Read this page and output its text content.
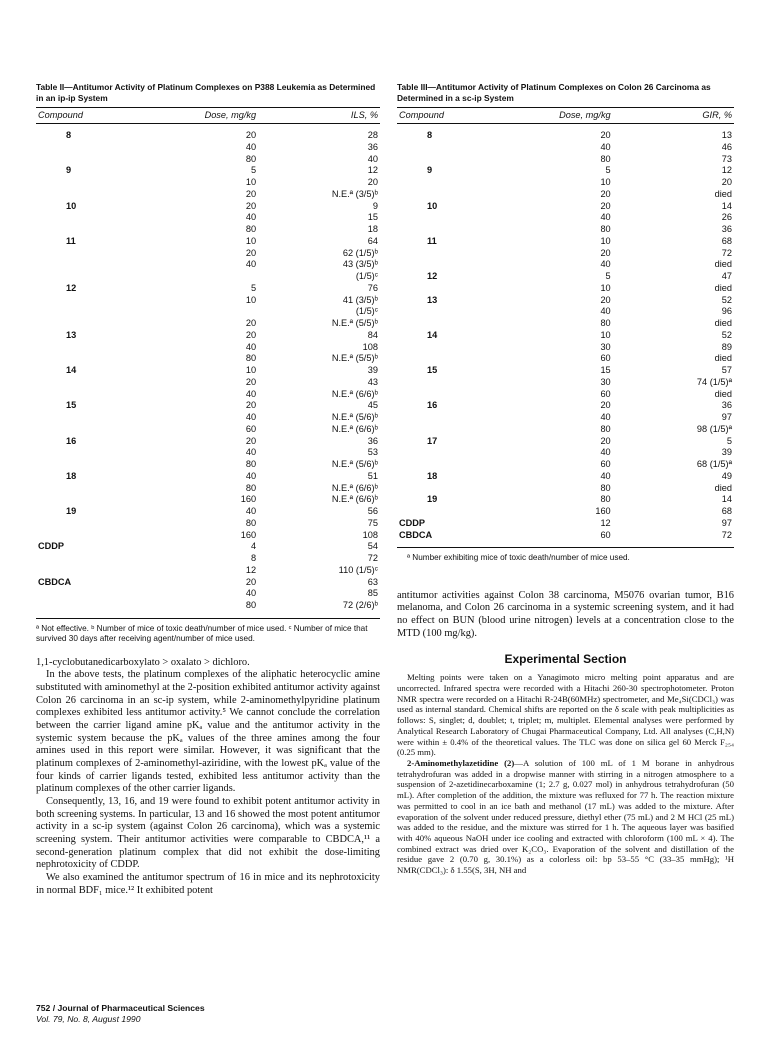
Table II—Antitumor Activity of Platinum Complexes on P388 Leukemia as Determined in an ip-ip System
Compound	Dose, mg/kg	ILS, %
8	20	28
	40	36
	80	40
9	5	12
	10	20
	20	N.E.ª (3/5)ᵇ
10	20	9
	40	15
	80	18
11	10	64
	20	62 (1/5)ᵇ
	40	43 (3/5)ᵇ
		(1/5)ᶜ
12	5	76
	10	41 (3/5)ᵇ
		(1/5)ᶜ
	20	N.E.ª (5/5)ᵇ
13	20	84
	40	108
	80	N.E.ª (5/5)ᵇ
14	10	39
	20	43
	40	N.E.ª (6/6)ᵇ
15	20	45
	40	N.E.ª (5/6)ᵇ
	60	N.E.ª (6/6)ᵇ
16	20	36
	40	53
	80	N.E.ª (5/6)ᵇ
18	40	51
	80	N.E.ª (6/6)ᵇ
	160	N.E.ª (6/6)ᵇ
19	40	56
	80	75
	160	108
CDDP	4	54
	8	72
	12	110 (1/5)ᶜ
CBDCA	20	63
	40	85
	80	72 (2/6)ᵇ
ª Not effective. ᵇ Number of mice of toxic death/number of mice used. ᶜ Number of mice that survived 30 days after receiving agent/number of mice used.

1,1-cyclobutanedicarboxylato > oxalato > dichloro.

In the above tests, the platinum complexes of the aliphatic heterocyclic amine substituted with aminomethyl at the 2-position exhibited antitumor activity against Colon 26 carcinoma in an sc-ip system, while 2-aminomethylpyridine platinum complexes exhibited less antitumor activity.⁵ We cannot conclude the correlation between the carrier ligand amine pKₐ value and the antitumor activity in the systemic system because the pKₐ values of the three amines among the four amines used in this report were similar. However, it was significant that the platinum complexes of 2-aminomethyl-aziridine, with the lowest pKₐ value of the four kinds of carrier ligands tested, exhibited less antitumor activity than the platinum complexes of the other carrier ligands.

Consequently, 13, 16, and 19 were found to exhibit potent antitumor activity in both screening systems. In particular, 13 and 16 showed the most potent antitumor activity in a sc-ip system (against Colon 26 carcinoma), which was a systemic screening system. Their antitumor activities were comparable to CBDCA,¹¹ a second-generation platinum complex that did not exhibit the dose-limiting nephrotoxicity of CDDP.

We also examined the antitumor spectrum of 16 in mice and its nephrotoxicity in normal BDF₁ mice.¹² It exhibited potent

Table III—Antitumor Activity of Platinum Complexes on Colon 26 Carcinoma as Determined in a sc-ip System
Compound	Dose, mg/kg	GIR, %
8	20	13
	40	46
	80	73
9	5	12
	10	20
	20	died
10	20	14
	40	26
	80	36
11	10	68
	20	72
	40	died
12	5	47
	10	died
13	20	52
	40	96
	80	died
14	10	52
	30	89
	60	died
15	15	57
	30	74 (1/5)ª
	60	died
16	20	36
	40	97
	80	98 (1/5)ª
17	20	5
	40	39
	60	68 (1/5)ª
18	40	49
	80	died
19	80	14
	160	68
CDDP	12	97
CBDCA	60	72
ª Number exhibiting mice of toxic death/number of mice used.

antitumor activities against Colon 38 carcinoma, M5076 ovarian tumor, B16 melanoma, and Colon 26 carcinoma in a systemic screening system, and it had no effect on BUN (blood urine nitrogen) levels at a concentration close to the MTD (100 mg/kg).

Experimental Section

Melting points were taken on a Yanagimoto micro melting point apparatus and are uncorrected. Infrared spectra were recorded with a Hitachi 260-30 spectrophotometer. Proton NMR spectra were recorded on a Hitachi R-24B(60MHz) spectrometer, and Me₄Si(CDCl₃) was used as internal standard. Chemical shifts are reported on the δ scale with peak multiplicities as follows: S, singlet; d, doublet; t, triplet; m, multiplet. Elemental analyses were performed by Analytical Research Laboratory of Chugai Pharmaceutical Company, Ltd. All analyses (C,H,N) were within ± 0.4% of the theoretical values. The TLC was done on silica gel 60 Merck F₂₅₄ (0.25 mm).

2-Aminomethylazetidine (2)—A solution of 100 mL of 1 M borane in anhydrous tetrahydrofuran was added in a dropwise manner with stirring in a nitrogen atmosphere to a suspension of 2-azetidinecarboxamine (1; 2.7 g, 0.027 mol) in anhydrous tetrahydrofuran (50 mL). After completion of the addition, the mixture was refluxed for 77 h. The reaction mixture was permitted to cool in an ice bath and methanol (17 mL) was added to the mixture. After evaporation of the solvent under reduced pressure, diethyl ether (75 mL) and 2 M HCl (25 mL) was added to the residue, and the mixture was stirred for 1 h. The aqueous layer was basified with 40% aqueous NaOH under ice cooling and extracted with chloroform (100 mL × 4). The combined extract was dried over K₂CO₃. Evaporation of the solvent and distillation of the residue gave 2 (0.70 g, 30.1%) as a colorless oil: bp 53–55 °C (33–35 mmHg); ¹H NMR(CDCl₃): δ 1.55(S, 3H, NH and

752 / Journal of Pharmaceutical Sciences
Vol. 79, No. 8, August 1990
